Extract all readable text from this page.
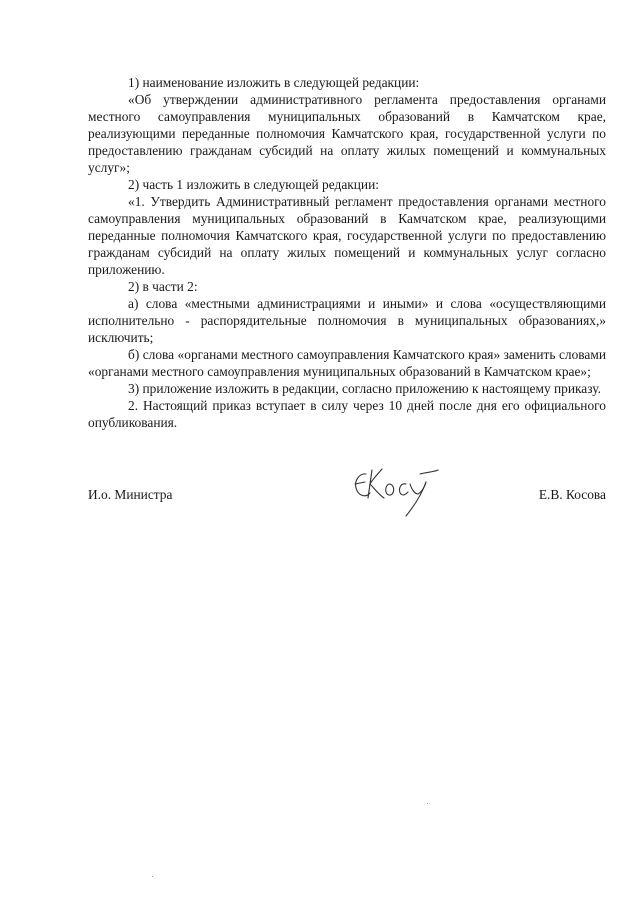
1) наименование изложить в следующей редакции:

«Об утверждении административного регламента предоставления органами местного самоуправления муниципальных образований в Камчатском крае, реализующими переданные полномочия Камчатского края, государственной услуги по предоставлению гражданам субсидий на оплату жилых помещений и коммунальных услуг»;

2) часть 1 изложить в следующей редакции:

«1. Утвердить Административный регламент предоставления органами местного самоуправления муниципальных образований в Камчатском крае, реализующими переданные полномочия Камчатского края, государственной услуги по предоставлению гражданам субсидий на оплату жилых помещений и коммунальных услуг согласно приложению.

2) в части 2:

а) слова «местными администрациями и иными» и слова «осуществляющими исполнительно - распорядительные полномочия в муниципальных образованиях,» исключить;

б) слова «органами местного самоуправления Камчатского края» заменить словами «органами местного самоуправления муниципальных образований в Камчатском крае»;

3) приложение изложить в редакции, согласно приложению к настоящему приказу.

2. Настоящий приказ вступает в силу через 10 дней после дня его официального опубликования.

И.о. Министра	Е.В. Косова
